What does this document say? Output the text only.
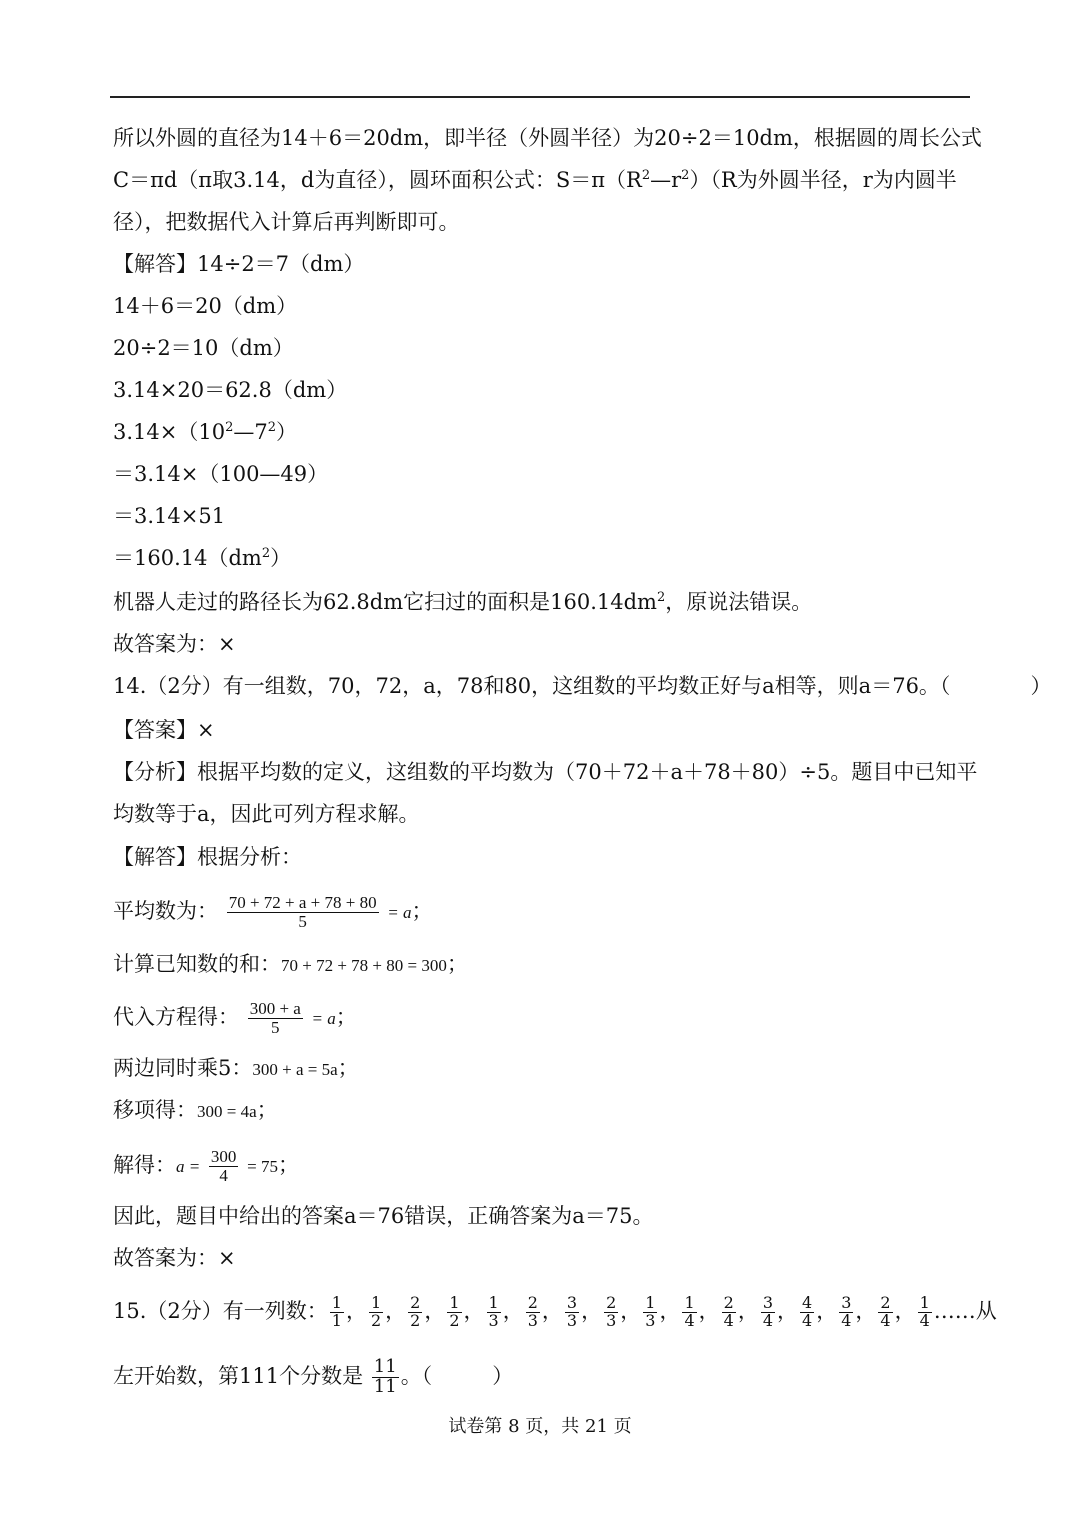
所以外圆的直径为14＋6＝20dm，即半径（外圆半径）为20÷2＝10dm，根据圆的周长公式
C＝πd（π取3.14，d为直径），圆环面积公式：$S=\pi(R^2—r^2)(R$为外圆半径，r为内圆半
径），把数据代入计算后再判断即可。
【解答】14÷2＝7（dm）
14＋6＝20（dm）
20÷2＝10（dm）
3.14×20＝62.8（dm）
$3.14\times(10^2—7^2)$
＝3.14×（100—49）
＝3.14×51
$=160.14(dm^2)$
机器人走过的路径长为62.8dm它扫过的面积是$160.14dm^2$，原说法错误。
故答案为：×
14.（2分）有一组数，70，72，a，78和80，这组数的平均数正好与a相等，则a＝76。（	）
【答案】×
【分析】根据平均数的定义，这组数的平均数为（70＋72＋a＋78＋80）÷5。题目中已知平
均数等于a，因此可列方程求解。
【解答】根据分析：
平均数为： $\frac{70 + 72 + a + 78 + 80}{5} = a$；
计算已知数的和：70 + 72 + 78 + 80 = 300；
代入方程得： $\frac{300 + a}{5} = a$；
两边同时乘5：300 + a = 5a；
移项得：300 = 4a；
解得：$a = \frac{300}{4} = 75$；
因此，题目中给出的答案a＝76错误，正确答案为a＝75。
故答案为：×
15.（2分）有一列数： $\frac{1}{1}$ ， $\frac{1}{2}$ ， $\frac{2}{2}$ ， $\frac{1}{2}$ ， $\frac{1}{3}$ ， $\frac{2}{3}$ ， $\frac{3}{3}$ ， $\frac{2}{3}$ ， $\frac{1}{3}$ ， $\frac{1}{4}$ ， $\frac{2}{4}$ ， $\frac{3}{4}$ ， $\frac{4}{4}$ ， $\frac{3}{4}$ ， $\frac{2}{4}$ ， $\frac{1}{4}$ ……从
左开始数，第111个分数是 $\frac{11}{11}$ 。（	）
试卷第 8 页，共 21 页
